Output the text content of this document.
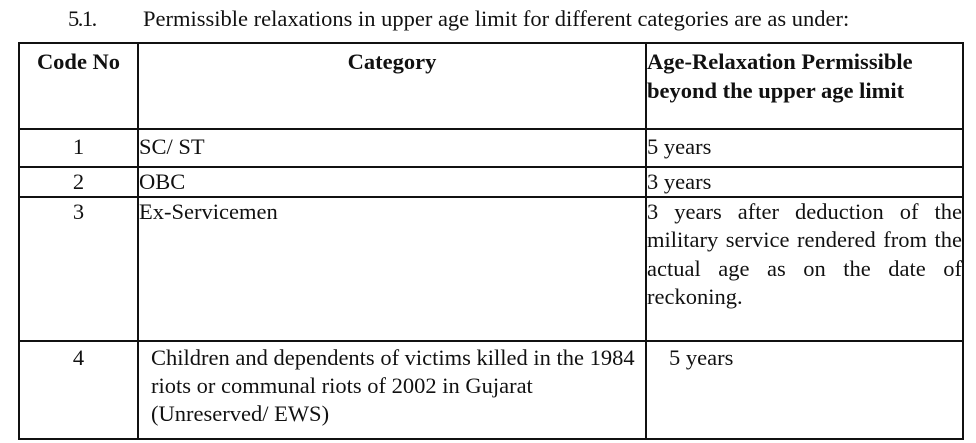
5.1. Permissible relaxations in upper age limit for different categories are as under:
Code No	Category	Age-Relaxation Permissible
beyond the upper age limit
1	SC/ ST	5 years
2	OBC	3 years
3	Ex-Servicemen	3 years after deduction of the military service rendered from the actual age as on the date of reckoning.
4	Children and dependents of victims killed in the 1984 riots or communal riots of 2002 in Gujarat (Unreserved/ EWS)	5 years
